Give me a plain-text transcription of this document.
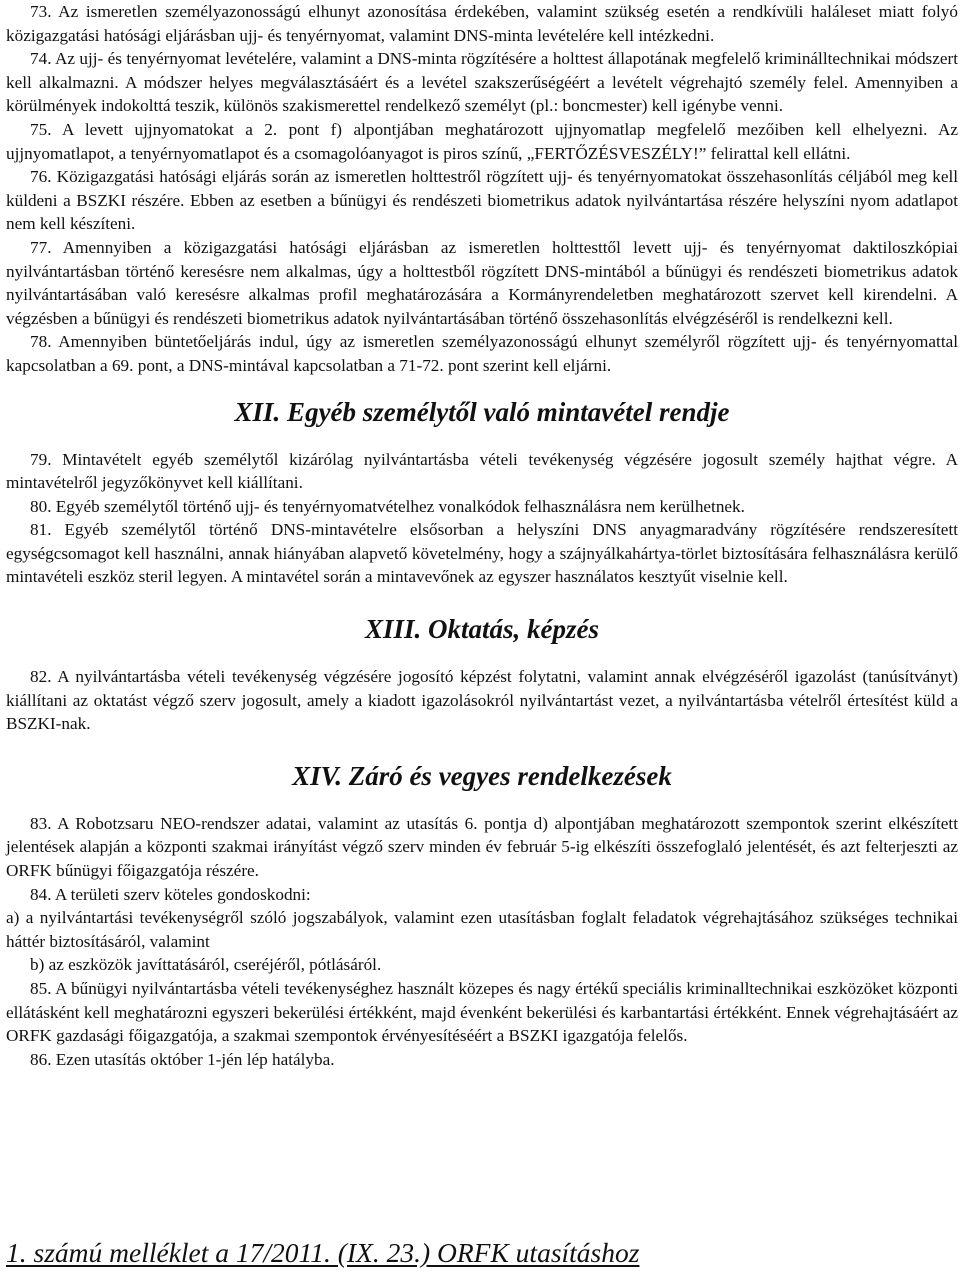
73. Az ismeretlen személyazonosságú elhunyt azonosítása érdekében, valamint szükség esetén a rendkívüli haláleset miatt folyó közigazgatási hatósági eljárásban ujj- és tenyérnyomat, valamint DNS-minta levételére kell intézkedni.

74. Az ujj- és tenyérnyomat levételére, valamint a DNS-minta rögzítésére a holttest állapotának megfelelő kriminálltechnikai módszert kell alkalmazni. A módszer helyes megválasztásáért és a levétel szakszerűségéért a levételt végrehajtó személy felel. Amennyiben a körülmények indokolttá teszik, különös szakismerettel rendelkező személyt (pl.: boncmester) kell igénybe venni.

75. A levett ujjnyomatokat a 2. pont f) alpontjában meghatározott ujjnyomatlap megfelelő mezőiben kell elhelyezni. Az ujjnyomatlapot, a tenyérnyomatlapot és a csomagolóanyagot is piros színű, „FERTŐZÉSVESZÉLY!” felirattal kell ellátni.

76. Közigazgatási hatósági eljárás során az ismeretlen holttestről rögzített ujj- és tenyérnyomatokat összehasonlítás céljából meg kell küldeni a BSZKI részére. Ebben az esetben a bűnügyi és rendészeti biometrikus adatok nyilvántartása részére helyszíni nyom adatlapot nem kell készíteni.

77. Amennyiben a közigazgatási hatósági eljárásban az ismeretlen holttesttől levett ujj- és tenyérnyomat daktiloszkópiai nyilvántartásban történő keresésre nem alkalmas, úgy a holttestből rögzített DNS-mintából a bűnügyi és rendészeti biometrikus adatok nyilvántartásában való keresésre alkalmas profil meghatározására a Kormányrendeletben meghatározott szervet kell kirendelni. A végzésben a bűnügyi és rendészeti biometrikus adatok nyilvántartásában történő összehasonlítás elvégzéséről is rendelkezni kell.

78. Amennyiben büntetőeljárás indul, úgy az ismeretlen személyazonosságú elhunyt személyről rögzített ujj- és tenyérnyomattal kapcsolatban a 69. pont, a DNS-mintával kapcsolatban a 71-72. pont szerint kell eljárni.

XII. Egyéb személytől való mintavétel rendje

79. Mintavételt egyéb személytől kizárólag nyilvántartásba vételi tevékenység végzésére jogosult személy hajthat végre. A mintavételről jegyzőkönyvet kell kiállítani.

80. Egyéb személytől történő ujj- és tenyérnyomatvételhez vonalkódok felhasználásra nem kerülhetnek.

81. Egyéb személytől történő DNS-mintavételre elsősorban a helyszíni DNS anyagmaradvány rögzítésére rendszeresített egységcsomagot kell használni, annak hiányában alapvető követelmény, hogy a szájnyálkahártya-törlet biztosítására felhasználásra kerülő mintavételi eszköz steril legyen. A mintavétel során a mintavevőnek az egyszer használatos kesztyűt viselnie kell.

XIII. Oktatás, képzés

82. A nyilvántartásba vételi tevékenység végzésére jogosító képzést folytatni, valamint annak elvégzéséről igazolást (tanúsítványt) kiállítani az oktatást végző szerv jogosult, amely a kiadott igazolásokról nyilvántartást vezet, a nyilvántartásba vételről értesítést küld a BSZKI-nak.

XIV. Záró és vegyes rendelkezések

83. A Robotzsaru NEO-rendszer adatai, valamint az utasítás 6. pontja d) alpontjában meghatározott szempontok szerint elkészített jelentések alapján a központi szakmai irányítást végző szerv minden év február 5-ig elkészíti összefoglaló jelentését, és azt felterjeszti az ORFK bűnügyi főigazgatója részére.

84. A területi szerv köteles gondoskodni:

a) a nyilvántartási tevékenységről szóló jogszabályok, valamint ezen utasításban foglalt feladatok végrehajtásához szükséges technikai háttér biztosításáról, valamint

b) az eszközök javíttatásáról, cseréjéről, pótlásáról.

85. A bűnügyi nyilvántartásba vételi tevékenységhez használt közepes és nagy értékű speciális kriminalltechnikai eszközöket központi ellátásként kell meghatározni egyszeri bekerülési értékként, majd évenként bekerülési és karbantartási értékként. Ennek végrehajtásáért az ORFK gazdasági főigazgatója, a szakmai szempontok érvényesítéséért a BSZKI igazgatója felelős.

86. Ezen utasítás október 1-jén lép hatályba.

1. számú melléklet a 17/2011. (IX. 23.) ORFK utasításhoz
